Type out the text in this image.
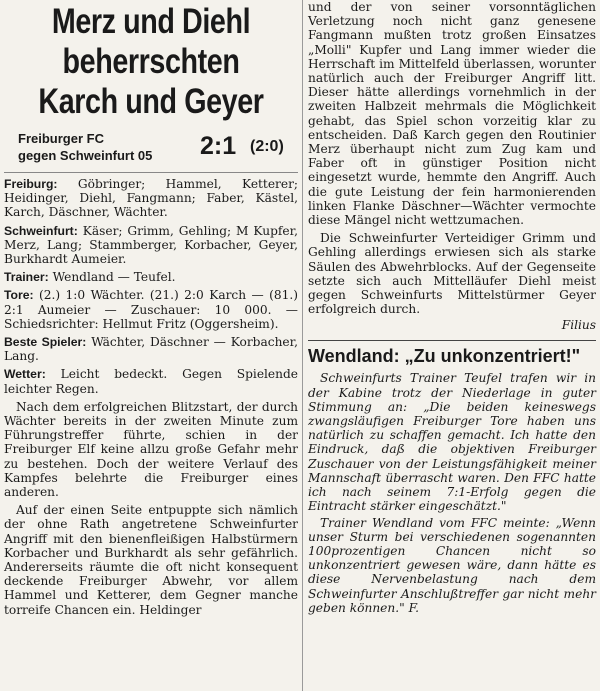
Merz und Diehl
beherrschten
Karch und Geyer
Freiburger FC
gegen Schweinfurt 05 2:1 (2:0)

Freiburg: Göbringer; Hammel, Ketterer; Heidinger, Diehl, Fangmann; Faber, Kästel, Karch, Däschner, Wächter.

Schweinfurt: Käser; Grimm, Gehling; M Kupfer, Merz, Lang; Stammberger, Korbacher, Geyer, Burkhardt Aumeier.

Trainer: Wendland — Teufel.

Tore: (2.) 1:0 Wächter. (21.) 2:0 Karch — (81.) 2:1 Aumeier — Zuschauer: 10 000. — Schiedsrichter: Hellmut Fritz (Oggersheim).

Beste Spieler: Wächter, Däschner — Korbacher, Lang.

Wetter: Leicht bedeckt. Gegen Spielende leichter Regen.

Nach dem erfolgreichen Blitzstart, der durch Wächter bereits in der zweiten Minute zum Führungstreffer führte, schien in der Freiburger Elf keine allzu große Gefahr mehr zu bestehen. Doch der weitere Verlauf des Kampfes belehrte die Freiburger eines anderen.

Auf der einen Seite entpuppte sich nämlich der ohne Rath angetretene Schweinfurter Angriff mit den bienenfleißigen Halbstürmern Korbacher und Burkhardt als sehr gefährlich. Andererseits räumte die oft nicht konsequent deckende Freiburger Abwehr, vor allem Hammel und Ketterer, dem Gegner manche torreife Chancen ein. Heldinger

und der von seiner vorsonntäglichen Verletzung noch nicht ganz genesene Fangmann mußten trotz großen Einsatzes „Molli" Kupfer und Lang immer wieder die Herrschaft im Mittelfeld überlassen, worunter natürlich auch der Freiburger Angriff litt. Dieser hätte allerdings vornehmlich in der zweiten Halbzeit mehrmals die Möglichkeit gehabt, das Spiel schon vorzeitig klar zu entscheiden. Daß Karch gegen den Routinier Merz überhaupt nicht zum Zug kam und Faber oft in günstiger Position nicht eingesetzt wurde, hemmte den Angriff. Auch die gute Leistung der fein harmonierenden linken Flanke Däschner—Wächter vermochte diese Mängel nicht wettzumachen.

Die Schweinfurter Verteidiger Grimm und Gehling allerdings erwiesen sich als starke Säulen des Abwehrblocks. Auf der Gegenseite setzte sich auch Mittelläufer Diehl meist gegen Schweinfurts Mittelstürmer Geyer erfolgreich durch.

Filius
Wendland: „Zu unkonzentriert!"

Schweinfurts Trainer Teufel trafen wir in der Kabine trotz der Niederlage in guter Stimmung an: „Die beiden keineswegs zwangsläufigen Freiburger Tore haben uns natürlich zu schaffen gemacht. Ich hatte den Eindruck, daß die objektiven Freiburger Zuschauer von der Leistungsfähigkeit meiner Mannschaft überrascht waren. Den FFC hatte ich nach seinem 7:1-Erfolg gegen die Eintracht stärker eingeschätzt."

Trainer Wendland vom FFC meinte: „Wenn unser Sturm bei verschiedenen sogenannten 100prozentigen Chancen nicht so unkonzentriert gewesen wäre, dann hätte es diese Nervenbelastung nach dem Schweinfurter Anschlußtreffer gar nicht mehr geben können." F.
